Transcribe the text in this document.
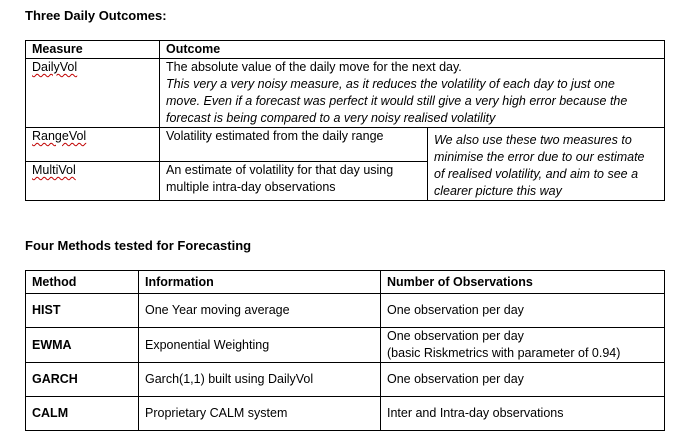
Three Daily Outcomes:
Measure	Outcome	
DailyVol	The absolute value of the daily move for the next day.
This very a very noisy measure, as it reduces the volatility of each day to just one move. Even if a forecast was perfect it would still give a very high error because the forecast is being compared to a very noisy realised volatility	

RangeVol	Volatility estimated from the daily range	We also use these two measures to minimise the error due to our estimate of realised volatility, and aim to see a clearer picture this way
MultiVol	An estimate of volatility for that day using multiple intra-day observations	
Four Methods tested for Forecasting
Method	Information	Number of Observations
HIST	One Year moving average	One observation per day
EWMA	Exponential Weighting	One observation per day
(basic Riskmetrics with parameter of 0.94)

GARCH	Garch(1,1) built using DailyVol	One observation per day
CALM	Proprietary CALM system	Inter and Intra-day observations
